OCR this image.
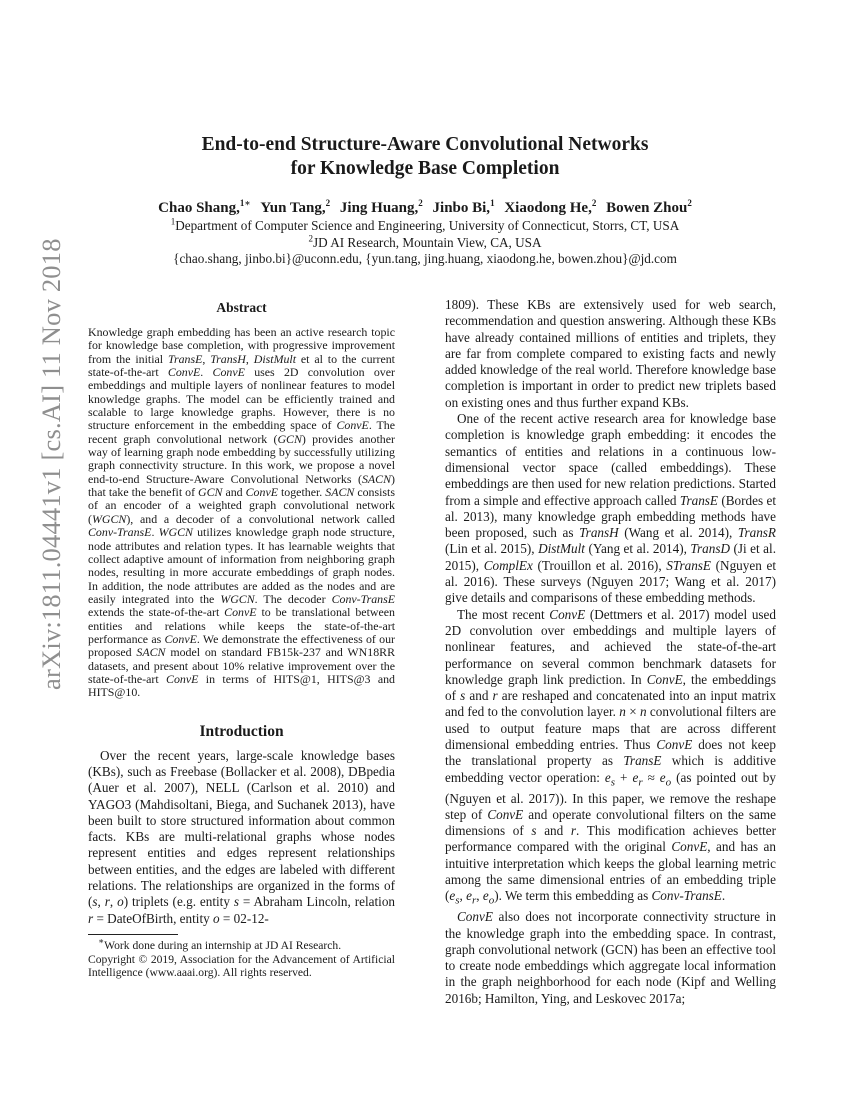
arXiv:1811.04441v1 [cs.AI] 11 Nov 2018
End-to-end Structure-Aware Convolutional Networks
for Knowledge Base Completion
Chao Shang,$^{1∗}$ Yun Tang,$^2$ Jing Huang,$^2$ Jinbo Bi,$^1$ Xiaodong He,$^2$ Bowen Zhou$^2$
$^1$Department of Computer Science and Engineering, University of Connecticut, Storrs, CT, USA
$^2$JD AI Research, Mountain View, CA, USA
{chao.shang, jinbo.bi}@uconn.edu, {yun.tang, jing.huang, xiaodong.he, bowen.zhou}@jd.com
Abstract

Knowledge graph embedding has been an active research topic for knowledge base completion, with progressive improvement from the initial TransE, TransH, DistMult et al to the current state-of-the-art ConvE. ConvE uses 2D convolution over embeddings and multiple layers of nonlinear features to model knowledge graphs. The model can be efficiently trained and scalable to large knowledge graphs. However, there is no structure enforcement in the embedding space of ConvE. The recent graph convolutional network (GCN) provides another way of learning graph node embedding by successfully utilizing graph connectivity structure. In this work, we propose a novel end-to-end Structure-Aware Convolutional Networks (SACN) that take the benefit of GCN and ConvE together. SACN consists of an encoder of a weighted graph convolutional network (WGCN), and a decoder of a convolutional network called Conv-TransE. WGCN utilizes knowledge graph node structure, node attributes and relation types. It has learnable weights that collect adaptive amount of information from neighboring graph nodes, resulting in more accurate embeddings of graph nodes. In addition, the node attributes are added as the nodes and are easily integrated into the WGCN. The decoder Conv-TransE extends the state-of-the-art ConvE to be translational between entities and relations while keeps the state-of-the-art performance as ConvE. We demonstrate the effectiveness of our proposed SACN model on standard FB15k-237 and WN18RR datasets, and present about 10% relative improvement over the state-of-the-art ConvE in terms of HITS@1, HITS@3 and HITS@10.

Introduction

Over the recent years, large-scale knowledge bases (KBs), such as Freebase (Bollacker et al. 2008), DBpedia (Auer et al. 2007), NELL (Carlson et al. 2010) and YAGO3 (Mahdisoltani, Biega, and Suchanek 2013), have been built to store structured information about common facts. KBs are multi-relational graphs whose nodes represent entities and edges represent relationships between entities, and the edges are labeled with different relations. The relationships are organized in the forms of (s, r, o) triplets (e.g. entity s = Abraham Lincoln, relation r = DateOfBirth, entity o = 02-12-

∗Work done during an internship at JD AI Research.
Copyright © 2019, Association for the Advancement of Artificial Intelligence (www.aaai.org). All rights reserved.

1809). These KBs are extensively used for web search, recommendation and question answering. Although these KBs have already contained millions of entities and triplets, they are far from complete compared to existing facts and newly added knowledge of the real world. Therefore knowledge base completion is important in order to predict new triplets based on existing ones and thus further expand KBs.

One of the recent active research area for knowledge base completion is knowledge graph embedding: it encodes the semantics of entities and relations in a continuous low-dimensional vector space (called embeddings). These embeddings are then used for new relation predictions. Started from a simple and effective approach called TransE (Bordes et al. 2013), many knowledge graph embedding methods have been proposed, such as TransH (Wang et al. 2014), TransR (Lin et al. 2015), DistMult (Yang et al. 2014), TransD (Ji et al. 2015), ComplEx (Trouillon et al. 2016), STransE (Nguyen et al. 2016). These surveys (Nguyen 2017; Wang et al. 2017) give details and comparisons of these embedding methods.

The most recent ConvE (Dettmers et al. 2017) model used 2D convolution over embeddings and multiple layers of nonlinear features, and achieved the state-of-the-art performance on several common benchmark datasets for knowledge graph link prediction. In ConvE, the embeddings of s and r are reshaped and concatenated into an input matrix and fed to the convolution layer. n × n convolutional filters are used to output feature maps that are across different dimensional embedding entries. Thus ConvE does not keep the translational property as TransE which is additive embedding vector operation: $e_s + e_r \approx e_o$ (as pointed out by (Nguyen et al. 2017)). In this paper, we remove the reshape step of ConvE and operate convolutional filters on the same dimensions of s and r. This modification achieves better performance compared with the original ConvE, and has an intuitive interpretation which keeps the global learning metric among the same dimensional entries of an embedding triple ($e_s$, $e_r$, $e_o$). We term this embedding as Conv-TransE.

ConvE also does not incorporate connectivity structure in the knowledge graph into the embedding space. In contrast, graph convolutional network (GCN) has been an effective tool to create node embeddings which aggregate local information in the graph neighborhood for each node (Kipf and Welling 2016b; Hamilton, Ying, and Leskovec 2017a;
